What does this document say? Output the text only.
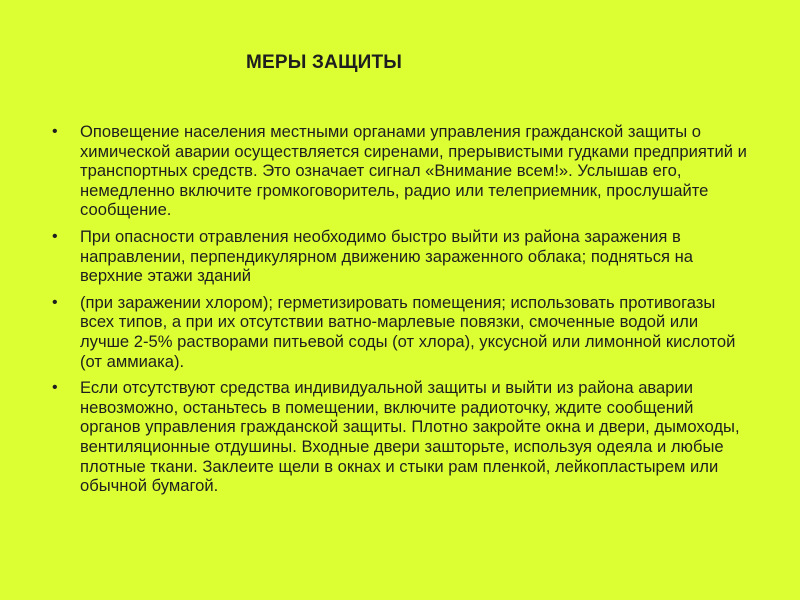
МЕРЫ ЗАЩИТЫ
• Оповещение населения местными органами управления гражданской защиты о химической аварии осуществляется сиренами, прерывистыми гудками предприятий и транспортных средств. Это означает сигнал «Внимание всем!». Услышав его, немедленно включите громкоговоритель, радио или телеприемник, прослушайте сообщение.
• При опасности отравления необходимо быстро выйти из района заражения в направлении, перпендикулярном движению зараженного облака; подняться на верхние этажи зданий
• (при заражении хлором); герметизировать помещения; использовать противогазы всех типов, а при их отсутствии ватно-марлевые повязки, смоченные водой или лучше 2-5% растворами питьевой соды (от хлора), уксусной или лимонной кислотой (от аммиака).
• Если отсутствуют средства индивидуальной защиты и выйти из района аварии невозможно, останьтесь в помещении, включите радиоточку, ждите сообщений органов управления гражданской защиты. Плотно закройте окна и двери, дымоходы, вентиляционные отдушины. Входные двери зашторьте, используя одеяла и любые плотные ткани. Заклеите щели в окнах и стыки рам пленкой, лейкопластырем или обычной бумагой.
